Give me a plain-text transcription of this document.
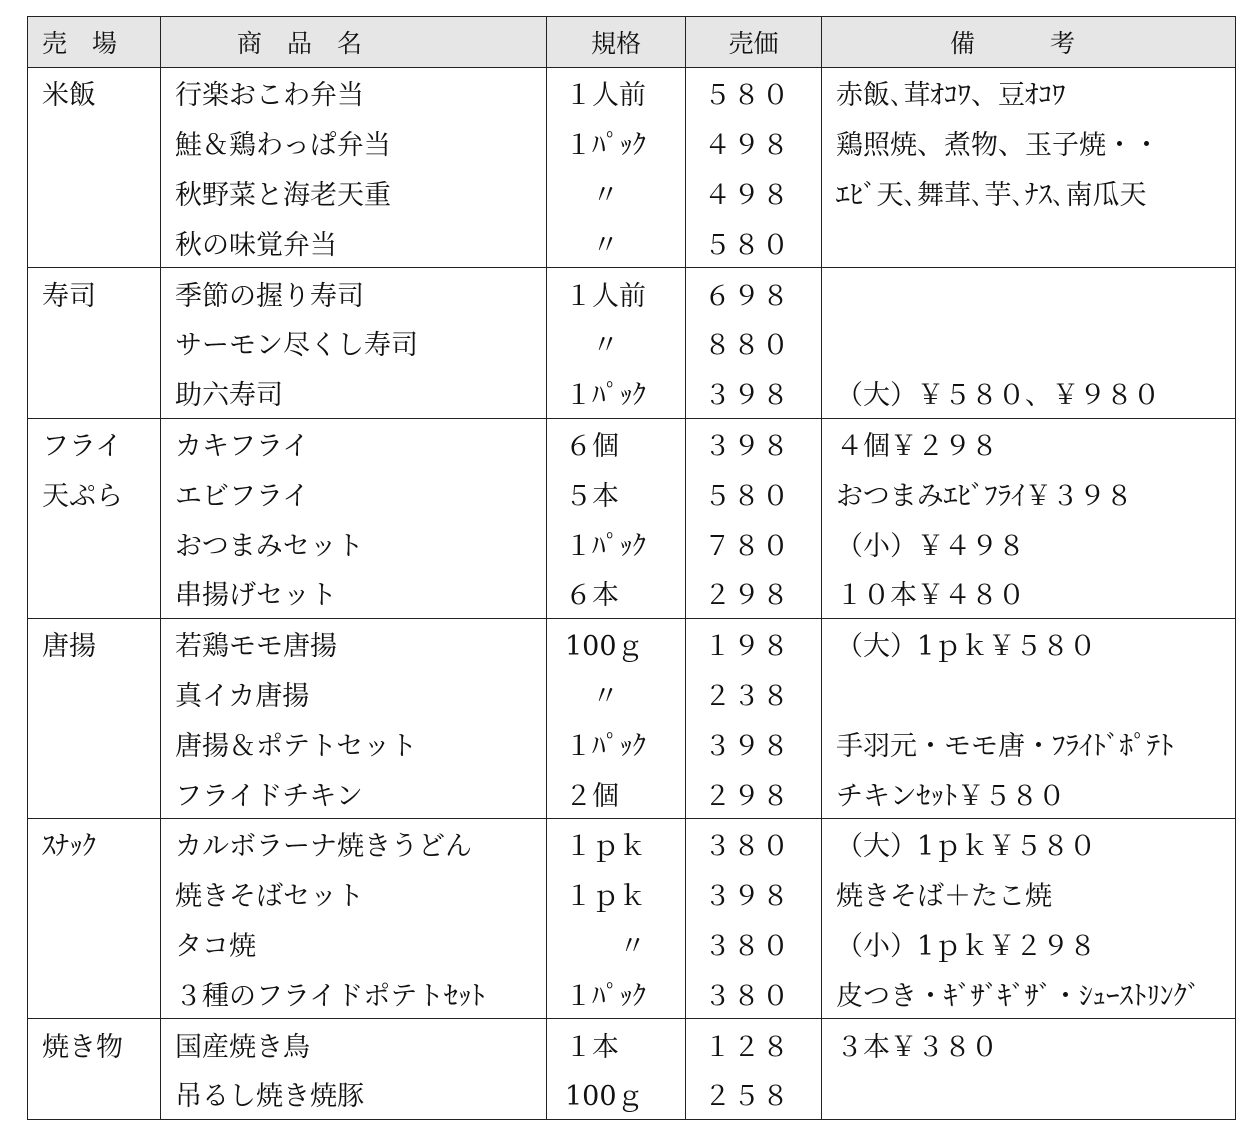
売　場	商　品　名	規格	売価	備　　　考
米飯	行楽おこわ弁当	１人前	５８０	赤飯､茸ｵｺﾜ、豆ｵｺﾜ
	鮭＆鶏わっぱ弁当	１ﾊﾟｯｸ	４９８	鶏照焼、煮物、玉子焼・・
	秋野菜と海老天重	　〃	４９８	ｴﾋﾞ天､舞茸､芋､ﾅｽ､南瓜天
	秋の味覚弁当	　〃	５８０	
寿司	季節の握り寿司	１人前	６９８	
	サーモン尽くし寿司	　〃	８８０	
	助六寿司	１ﾊﾟｯｸ	３９８	（大）￥５８０、￥９８０
フライ	カキフライ	６個	３９８	４個￥２９８
天ぷら	エビフライ	５本	５８０	おつまみｴﾋﾞﾌﾗｲ￥３９８
	おつまみセット	１ﾊﾟｯｸ	７８０	（小）￥４９８
	串揚げセット	６本	２９８	１０本￥４８０
唐揚	若鶏モモ唐揚	100ｇ	１９８	（大）1ｐｋ￥５８０
	真イカ唐揚	　〃	２３８	
	唐揚＆ポテトセット	１ﾊﾟｯｸ	３９８	手羽元・モモ唐・ﾌﾗｲﾄﾞﾎﾟﾃﾄ
	フライドチキン	２個	２９８	チキンｾｯﾄ￥５８０
ｽﾅｯｸ	カルボラーナ焼きうどん	１ｐｋ	３８０	（大）1ｐｋ￥５８０
	焼きそばセット	１ｐｋ	３９８	焼きそば＋たこ焼
	タコ焼	　　〃	３８０	（小）1ｐｋ￥２９８
	３種のフライドポテトｾｯﾄ	１ﾊﾟｯｸ	３８０	皮つき・ｷﾞｻﾞｷﾞｻﾞ・ｼｭｰｽﾄﾘﾝｸﾞ
焼き物	国産焼き鳥	１本	１２８	３本￥３８０
	吊るし焼き焼豚	100ｇ	２５８	
